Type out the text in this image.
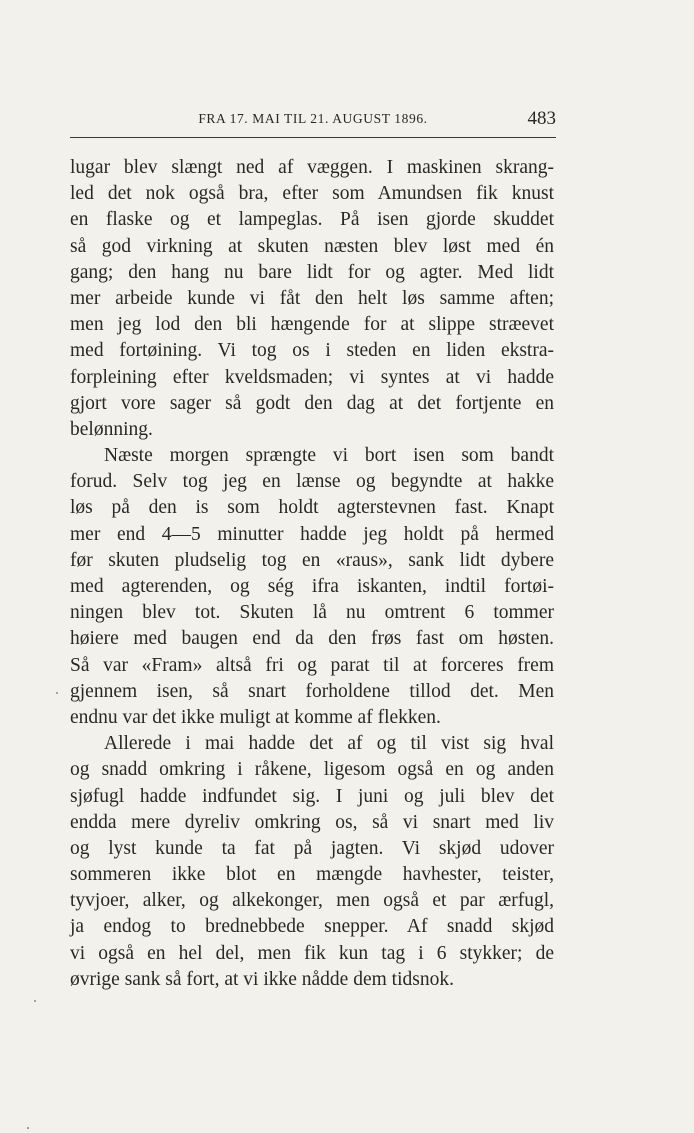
FRA 17. MAI TIL 21. AUGUST 1896.	483
lugar blev slængt ned af væggen. I maskinen skrang-
led det nok også bra, efter som Amundsen fik knust
en flaske og et lampeglas. På isen gjorde skuddet
så god virkning at skuten næsten blev løst med én
gang; den hang nu bare lidt for og agter. Med lidt
mer arbeide kunde vi fåt den helt løs samme aften;
men jeg lod den bli hængende for at slippe stræevet
med fortøining. Vi tog os i steden en liden ekstra-
forpleining efter kveldsmaden; vi syntes at vi hadde
gjort vore sager så godt den dag at det fortjente en
belønning.
Næste morgen sprængte vi bort isen som bandt
forud. Selv tog jeg en lænse og begyndte at hakke
løs på den is som holdt agterstevnen fast. Knapt
mer end 4—5 minutter hadde jeg holdt på hermed
før skuten pludselig tog en «raus», sank lidt dybere
med agterenden, og ség ifra iskanten, indtil fortøi-
ningen blev tot. Skuten lå nu omtrent 6 tommer
høiere med baugen end da den frøs fast om høsten.
Så var «Fram» altså fri og parat til at forceres frem
gjennem isen, så snart forholdene tillod det. Men
endnu var det ikke muligt at komme af flekken.
Allerede i mai hadde det af og til vist sig hval
og snadd omkring i råkene, ligesom også en og anden
sjøfugl hadde indfundet sig. I juni og juli blev det
endda mere dyreliv omkring os, så vi snart med liv
og lyst kunde ta fat på jagten. Vi skjød udover
sommeren ikke blot en mængde havhester, teister,
tyvjoer, alker, og alkekonger, men også et par ærfugl,
ja endog to brednebbede snepper. Af snadd skjød
vi også en hel del, men fik kun tag i 6 stykker; de
øvrige sank så fort, at vi ikke nådde dem tidsnok.
